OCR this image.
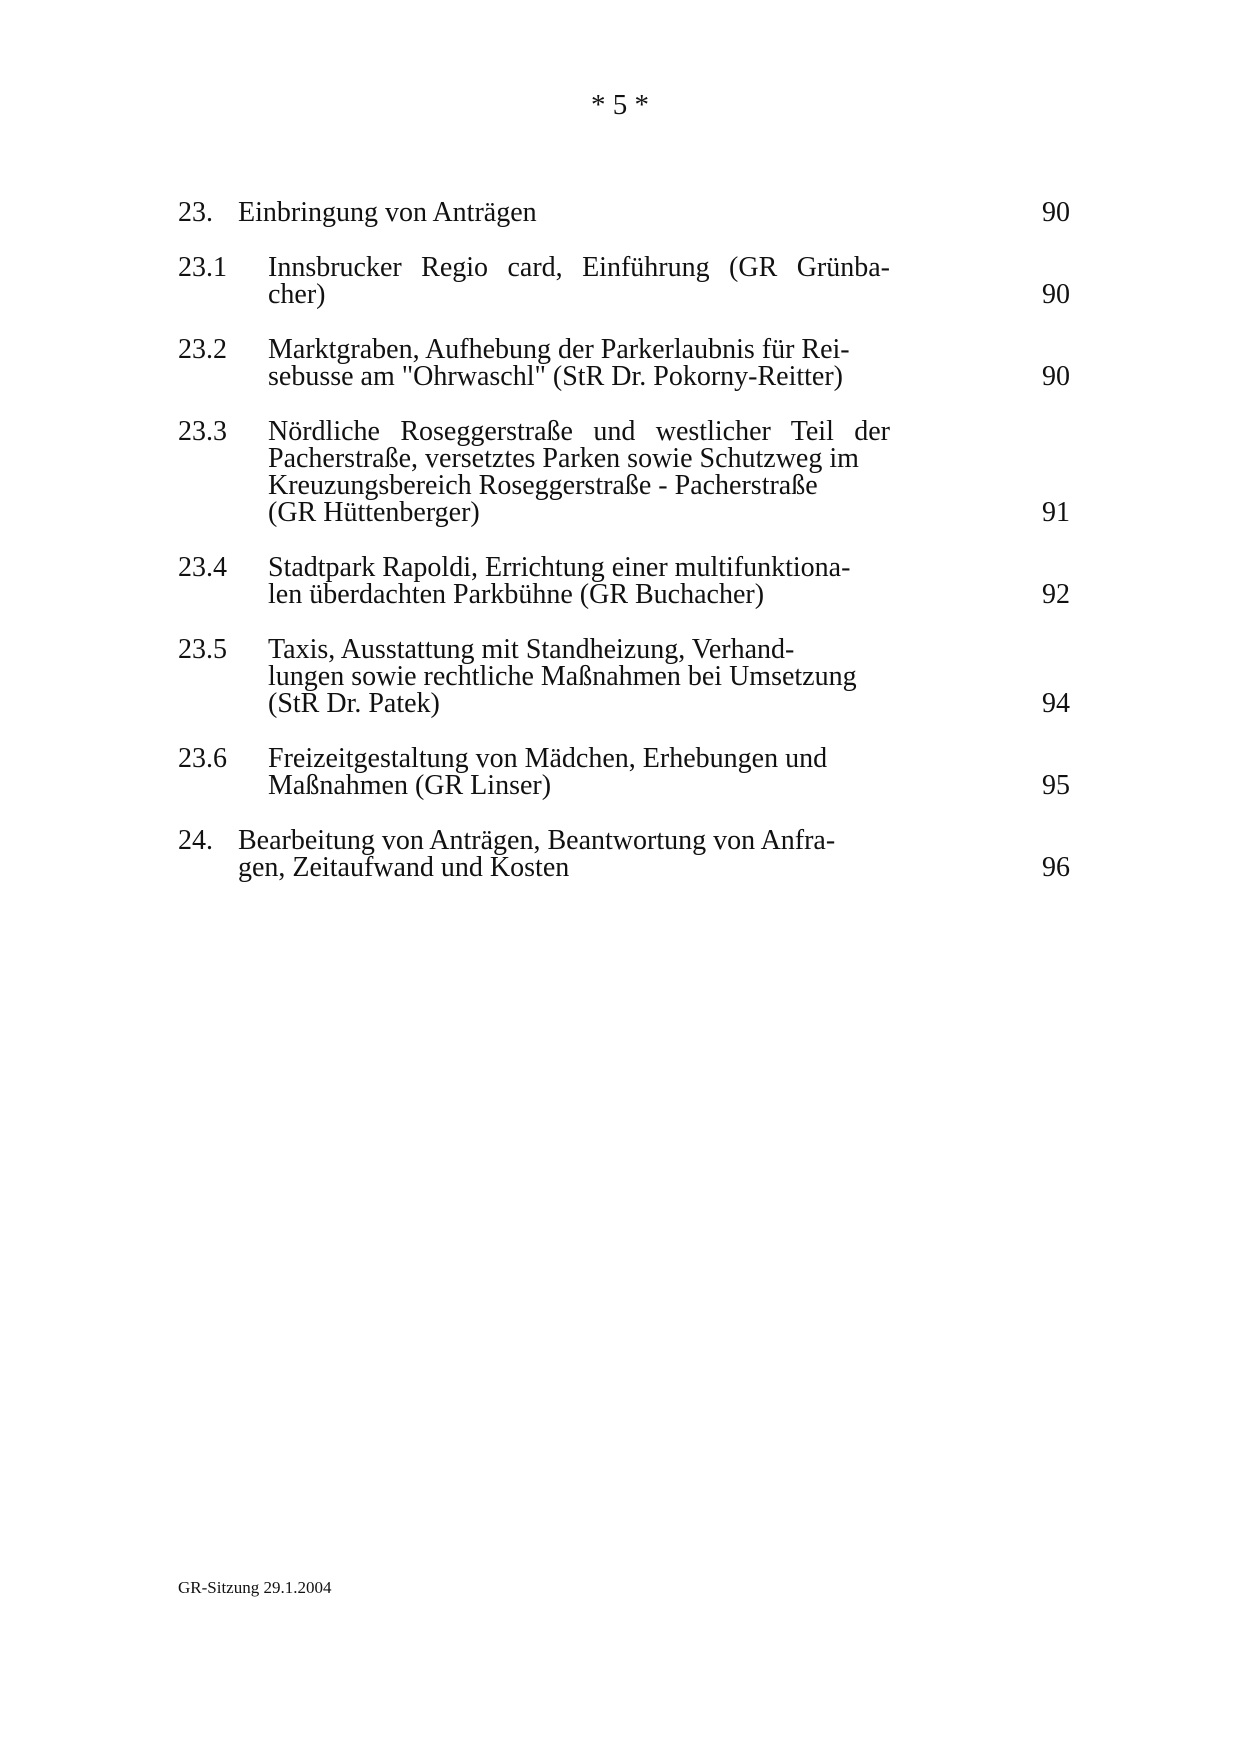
* 5 *
23. Einbringung von Anträgen	90
23.1	Innsbrucker Regio card, Einführung (GR Grünba-
cher)	90
23.2	Marktgraben, Aufhebung der Parkerlaubnis für Rei-
sebusse am "Ohrwaschl" (StR Dr. Pokorny-Reitter)	90
23.3	Nördliche Roseggerstraße und westlicher Teil der
Pacherstraße, versetztes Parken sowie Schutzweg im
Kreuzungsbereich Roseggerstraße - Pacherstraße
(GR Hüttenberger)	91
23.4	Stadtpark Rapoldi, Errichtung einer multifunktiona-
len überdachten Parkbühne (GR Buchacher)	92
23.5	Taxis, Ausstattung mit Standheizung, Verhand-
lungen sowie rechtliche Maßnahmen bei Umsetzung
(StR Dr. Patek)	94
23.6	Freizeitgestaltung von Mädchen, Erhebungen und
Maßnahmen (GR Linser)	95
24. Bearbeitung von Anträgen, Beantwortung von Anfra-
gen, Zeitaufwand und Kosten	96
GR-Sitzung 29.1.2004
